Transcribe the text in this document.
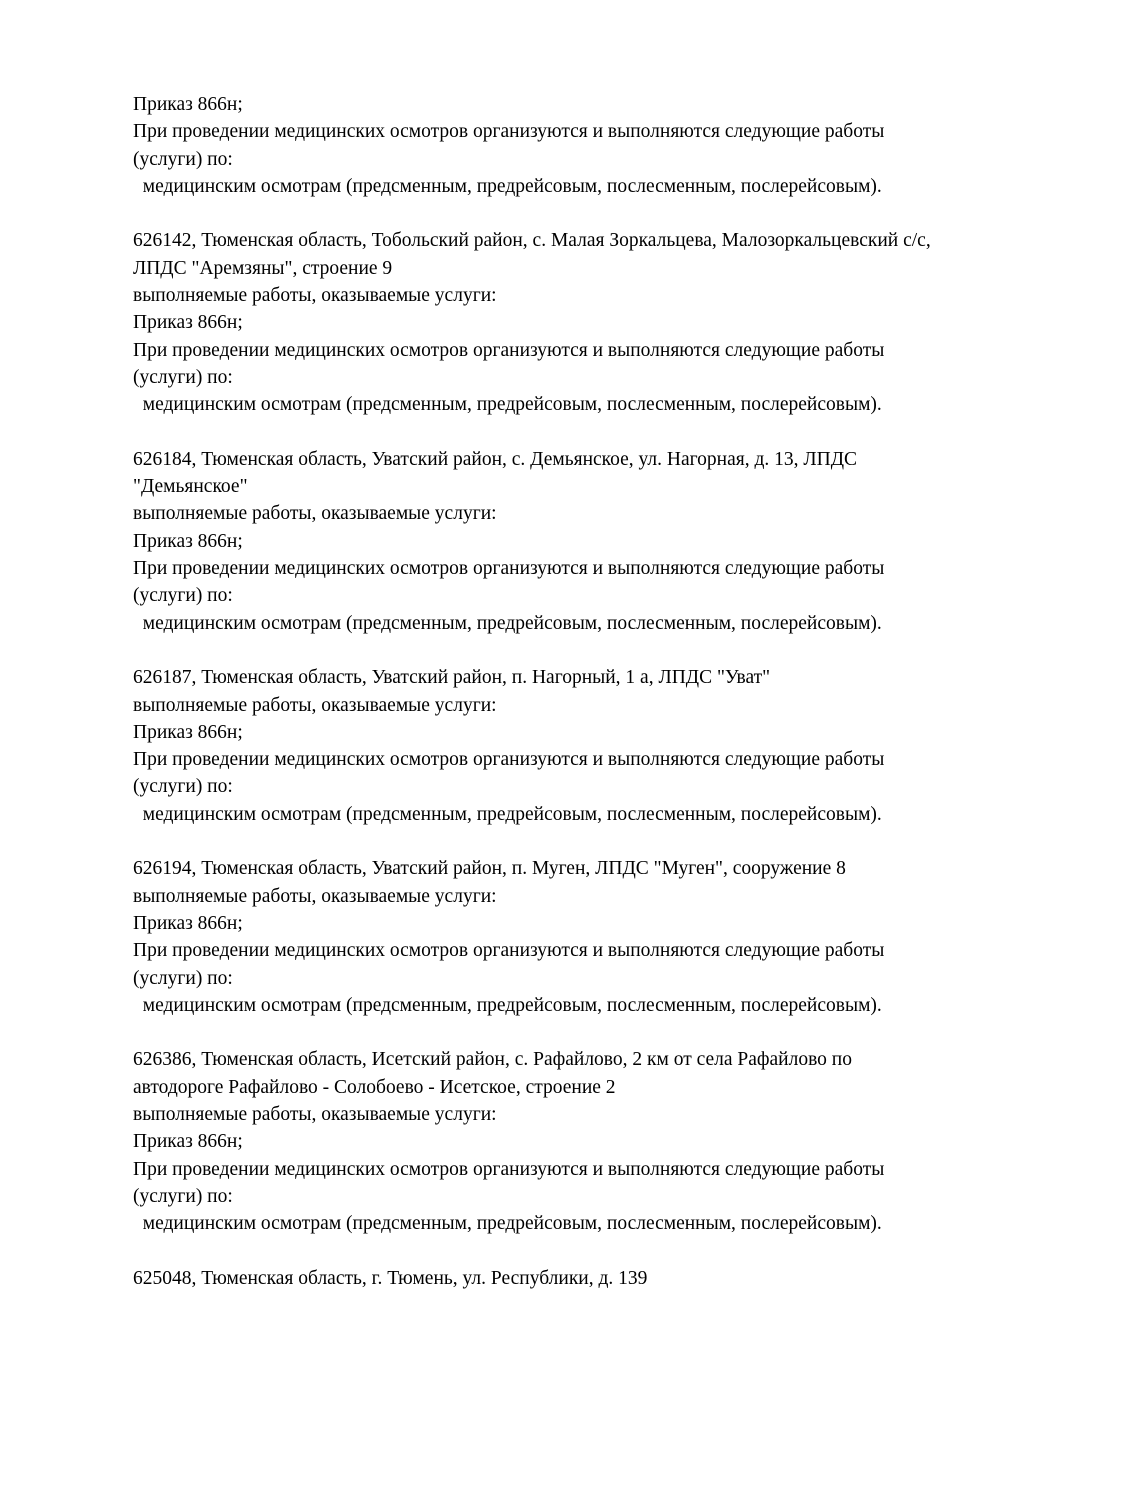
Приказ 866н;
При проведении медицинских осмотров организуются и выполняются следующие работы
(услуги) по:
медицинским осмотрам (предсменным, предрейсовым, послесменным, послерейсовым).

626142, Тюменская область, Тобольский район, с. Малая Зоркальцева, Малозоркальцевский с/с,
ЛПДС "Аремзяны", строение 9
выполняемые работы, оказываемые услуги:
Приказ 866н;
При проведении медицинских осмотров организуются и выполняются следующие работы
(услуги) по:
медицинским осмотрам (предсменным, предрейсовым, послесменным, послерейсовым).

626184, Тюменская область, Уватский район, с. Демьянское, ул. Нагорная, д. 13, ЛПДС
"Демьянское"
выполняемые работы, оказываемые услуги:
Приказ 866н;
При проведении медицинских осмотров организуются и выполняются следующие работы
(услуги) по:
медицинским осмотрам (предсменным, предрейсовым, послесменным, послерейсовым).

626187, Тюменская область, Уватский район, п. Нагорный, 1 а, ЛПДС "Уват"
выполняемые работы, оказываемые услуги:
Приказ 866н;
При проведении медицинских осмотров организуются и выполняются следующие работы
(услуги) по:
медицинским осмотрам (предсменным, предрейсовым, послесменным, послерейсовым).

626194, Тюменская область, Уватский район, п. Муген, ЛПДС "Муген", сооружение 8
выполняемые работы, оказываемые услуги:
Приказ 866н;
При проведении медицинских осмотров организуются и выполняются следующие работы
(услуги) по:
медицинским осмотрам (предсменным, предрейсовым, послесменным, послерейсовым).

626386, Тюменская область, Исетский район, с. Рафайлово, 2 км от села Рафайлово по
автодороге Рафайлово - Солобоево - Исетское, строение 2
выполняемые работы, оказываемые услуги:
Приказ 866н;
При проведении медицинских осмотров организуются и выполняются следующие работы
(услуги) по:
медицинским осмотрам (предсменным, предрейсовым, послесменным, послерейсовым).

625048, Тюменская область, г. Тюмень, ул. Республики, д. 139
